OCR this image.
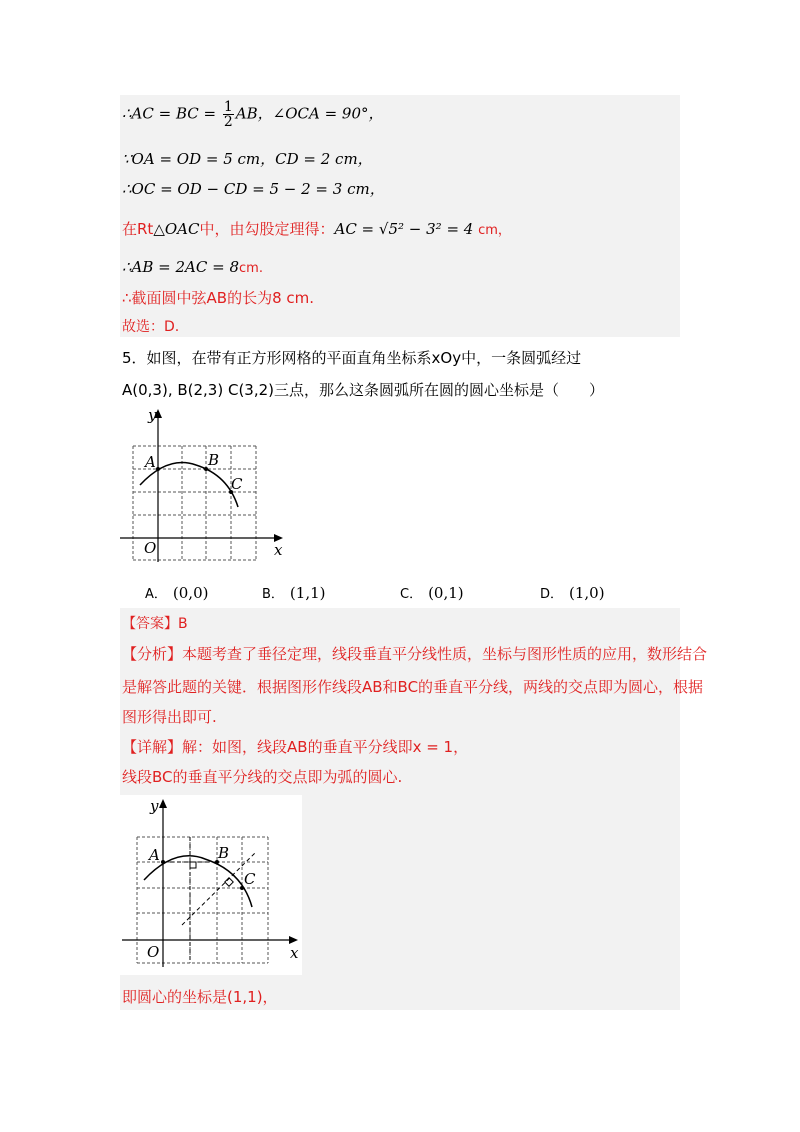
∴AC = BC = $\frac{1}{2}$ AB，∠OCA = 90°，
∵OA = OD = 5 cm，CD = 2 cm，
∴OC = OD − CD = 5 − 2 = 3 cm，
在Rt△OAC中，由勾股定理得：AC = √5² − 3² = 4 cm，
∴AB = 2AC = 8cm.
∴截面圆中弦AB的长为8 cm.
故选：D.
5．如图，在带有正方形网格的平面直角坐标系xOy中，一条圆弧经过
A(0,3), B(2,3) C(3,2)三点，那么这条圆弧所在圆的圆心坐标是（　　）
y
x
O
A	B
C
A． (0,0)	B． (1,1)	C． (0,1)	D． (1,0)
【答案】B
【分析】本题考查了垂径定理，线段垂直平分线性质，坐标与图形性质的应用，数形结合
是解答此题的关键．根据图形作线段AB和BC的垂直平分线，两线的交点即为圆心，根据
图形得出即可.
【详解】解：如图，线段AB的垂直平分线即x = 1，
线段BC的垂直平分线的交点即为弧的圆心.
y
x
O
A	B
C
即圆心的坐标是(1,1)，
